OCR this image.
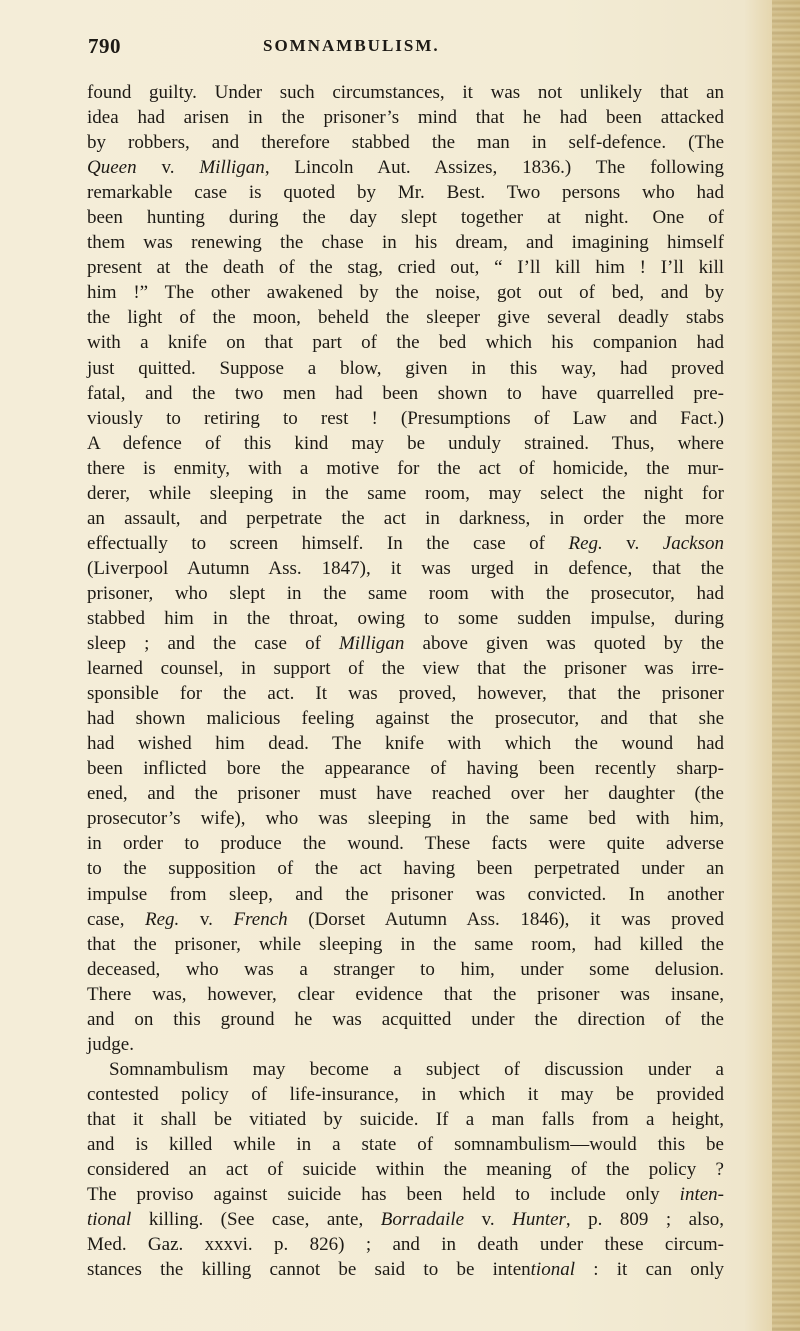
790	SOMNAMBULISM.
found guilty. Under such circumstances, it was not unlikely that an
idea had arisen in the prisoner’s mind that he had been attacked
by robbers, and therefore stabbed the man in self-defence. (The
Queen v. Milligan, Lincoln Aut. Assizes, 1836.) The following
remarkable case is quoted by Mr. Best. Two persons who had
been hunting during the day slept together at night. One of
them was renewing the chase in his dream, and imagining himself
present at the death of the stag, cried out, “ I’ll kill him ! I’ll kill
him !” The other awakened by the noise, got out of bed, and by
the light of the moon, beheld the sleeper give several deadly stabs
with a knife on that part of the bed which his companion had
just quitted. Suppose a blow, given in this way, had proved
fatal, and the two men had been shown to have quarrelled pre-
viously to retiring to rest ! (Presumptions of Law and Fact.)
A defence of this kind may be unduly strained. Thus, where
there is enmity, with a motive for the act of homicide, the mur-
derer, while sleeping in the same room, may select the night for
an assault, and perpetrate the act in darkness, in order the more
effectually to screen himself. In the case of Reg. v. Jackson
(Liverpool Autumn Ass. 1847), it was urged in defence, that the
prisoner, who slept in the same room with the prosecutor, had
stabbed him in the throat, owing to some sudden impulse, during
sleep ; and the case of Milligan above given was quoted by the
learned counsel, in support of the view that the prisoner was irre-
sponsible for the act. It was proved, however, that the prisoner
had shown malicious feeling against the prosecutor, and that she
had wished him dead. The knife with which the wound had
been inflicted bore the appearance of having been recently sharp-
ened, and the prisoner must have reached over her daughter (the
prosecutor’s wife), who was sleeping in the same bed with him,
in order to produce the wound. These facts were quite adverse
to the supposition of the act having been perpetrated under an
impulse from sleep, and the prisoner was convicted. In another
case, Reg. v. French (Dorset Autumn Ass. 1846), it was proved
that the prisoner, while sleeping in the same room, had killed the
deceased, who was a stranger to him, under some delusion.
There was, however, clear evidence that the prisoner was insane,
and on this ground he was acquitted under the direction of the
judge.
Somnambulism may become a subject of discussion under a
contested policy of life-insurance, in which it may be provided
that it shall be vitiated by suicide. If a man falls from a height,
and is killed while in a state of somnambulism—would this be
considered an act of suicide within the meaning of the policy ?
The proviso against suicide has been held to include only inten-
tional killing. (See case, ante, Borradaile v. Hunter, p. 809 ; also,
Med. Gaz. xxxvi. p. 826) ; and in death under these circum-
stances the killing cannot be said to be intentional : it can only
